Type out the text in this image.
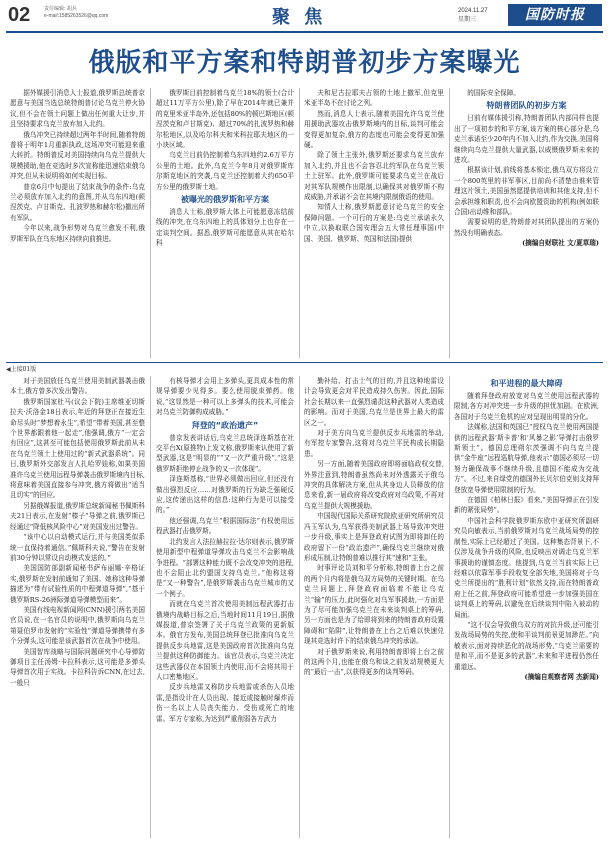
02	责任编辑: 胡兵
e-mail:1585263526@qq.com	聚 焦	2024.11.27
星期三	国防时报
俄版和平方案和特朗普初步方案曝光

据外媒援引消息人士报道,俄罗斯总统普京愿意与美国当选总统特朗普讨论乌克兰停火协议,但不会在领土问题上做出任何重大让步,并且坚持要求乌克兰放弃加入北约。

俄乌冲突已持续超过两年半时间,随着特朗普将于明年1月重新执政,这场冲突可能迎来重大转折。特朗普反对美国持续向乌克兰提供大规模援助,他在竞选时多次宣称能迅速结束俄乌冲突,但从未说明将如何实现目标。

普京6月中旬提出了结束战争的条件:乌克兰必须放弃加入北约的意图,并从乌东四地(顿涅茨克、卢甘斯克、扎波罗热和赫尔松)撤出所有军队。

今年以来,战争形势对乌克兰愈发不利,俄罗斯军队在乌东地区持续向前推进。

俄罗斯目前控制着乌克兰18%的领土(合计超过11万平方公里),除了早在2014年就已兼并的克里米亚半岛外,还包括80%的顿巴斯地区(顿涅茨克和卢甘斯克)、超过70%的扎波罗热和赫尔松地区,以及哈尔科夫和米科拉耶夫地区的一小块区域。

乌克兰目前仍控制着乌东四地约2.6万平方公里的土地。此外,乌克兰今年8月对俄罗斯库尔斯克地区的突袭,乌克兰还控制着大约650平方公里的俄罗斯土地。

被曝光的俄罗斯和平方案

消息人士称,俄罗斯大体上可能愿意冻结前线的冲突,在乌东四地上的具体划分上也存在一定谈判空间。据悉,俄罗斯可能愿意从其在哈尔科

夫和尼古拉耶夫占领的土地上撤军,但克里米亚半岛不在讨论之列。

然而,消息人士表示,随着美国允许乌克兰使用援助武器攻击俄罗斯境内的目标,谈判可能会变得更加复杂,俄方的态度也可能会变得更加强硬。

除了领土主张外,俄罗斯还要求乌克兰放弃加入北约,并且也不会容忍北约军队在乌克兰领土上驻军。此外,俄罗斯可能要求乌克兰在战后对其军队规模作出限制,以确保其对俄罗斯不构成威胁,并承诺不会在其境内限制俄语的使用。

知情人士称,俄罗斯愿意讨论乌克兰的安全保障问题。一个可行的方案是:乌克兰承诺永久中立,以换取联合国安理会五大常任理事国(中国、美国、俄罗斯、英国和法国)提供

的国际安全保障。

特朗普团队的初步方案

日前有媒体援引称,特朗普团队内部同样也提出了一项初步的和平方案,该方案的核心部分是,乌克兰承诺至少20年内不加入北约,作为交换,美国将继续向乌克兰提供大量武器,以威慑俄罗斯未来的进攻。

根据该计划,前线将基本锁定,俄乌双方将设立一个800英里的非军事区,目前尚不清楚由谁来管理这片领土,美国虽然愿提供培训和其他支持,但不会承担维和职责,也不会向欧盟资助的机构(例如联合国)出动维和部队。

需要说明的是,特朗普对其团队提出的方案仍然没有明确表态。

(摘编自财联社 文/夏草瑞)
◀上接01版

对于美国放任乌克兰使用美制武器袭击俄本土,俄方曾多次发出警告。

俄罗斯国家杜马(议会下院)主席维亚切斯拉夫·沃洛金18日表示,年近的拜登正在接近生命尽头时“梦想着永生”,希望“带着美国,甚至整个世界都跟着他一起走”,他强调,俄方“一定会有回应”,这甚至可能包括使用俄罗斯此前从未在乌克兰领土上使用过的“新式武器系统”。同日,俄罗斯外交部发言人扎哈罗娃称,如果美国准许乌克兰使用远程导弹袭击俄罗斯境内目标,将意味着美国直接参与冲突,俄方将做出“适当且切实”的回应。

另据俄媒报道,俄罗斯总统新闻秘书佩斯科夫21日表示,在发射“榛子”导弹之前,俄罗斯已经通过“降低核风险中心”对美国发出过警告。

“该中心以自动模式运行,并与美国类似系统一直保持着通信。”佩斯科夫说,“警告在发射前30分钟以常设自动模式发送的。”

美国国防部副新闻秘书萨布丽娜·辛格证实,俄罗斯在发射前通知了美国。她称这种导弹描述为“带有试验性质的中程弹道导弹”,“基于俄罗斯RS-26洲际弹道导弹模型而来”。

美国有线电视新闻网(CNN)援引两名美国官员说,在一名官员的说明中,俄罗斯向乌克兰第聂伯罗市发射的“实验性”弹道导弹携带有多个分弹头,这可能是该武器首次在战争中使用。

美国智库战略与国际问题研究中心导弹防御项目主任汤姆·卡拉科表示,这可能是多弹头导弹首次用于实战。卡拉科告诉CNN,在过去,一般只

有核导弹才会用上多弹头,更具成本性的常规导弹要少见得多。要么使用脱束弹药。他说,“这显然是一种可以上多弹头的技术,可能会对乌克兰防御构成威胁。”

拜登的“政治遗产”

普京发表讲话后,乌克兰总统泽连斯基在社交平台X(原推特)上发文称,俄罗斯来认使用了新型武器,这是“明显的”“又一次严重升级”,“这是俄罗斯拒绝停止战争的又一次体现”。

泽连斯基称,“世界必须做出回应,但还没有做出强烈反应……对俄罗斯的行为缺乏强硬反应,这传递出这样的信息:这种行为是可以接受的。”

他还强调,乌克兰“根据国际法”有权使用远程武器打击俄罗斯。

北约发言人法拉赫拉拉·达尔则表示,俄罗斯使用新型中程弹道导弹攻击乌克兰不会影响战争进程。“部署这种能力既不会改变冲突的进程,也不会阻止北约盟国支持乌克兰。”他称这将是“又一种警告”,是俄罗斯袭击乌克兰城市的又一个例子。

而就在乌克兰首次使用美制远程武器打击俄境内战略目标之后,当地时间11月19日,据俄媒报道,普京签署了关于乌克兰政策的更新版本。俄官方发布,美国总统拜登已批准向乌克兰提供反步兵地雷,这是美国政府首次批准向乌克兰提供这种防御能力。该官员表示,乌克兰决定这些武器仅在本国领土内使用,而不会将其用于人口密集地区。

反步兵地雷又称防步兵地雷或杀伤人员地雷,是指设计在人员出现、接近或接触时爆炸而伤一名以上人员丧失能力、受伤或死亡的地雷。军方专家称,为达到严重削弱各方武力

勤补给、打击士气的目的,并且这种地雷设计会导致更会对平民造成持久伤害。因此,国际社会长期以来一直强烈谴责这种武器对人类造成的影响。而对于美国,乌克兰是世界上最大的雷区之一。

对于美方向乌克兰提供反步兵地雷的举动,有军控专家警告,这将对乌克兰平民构成长期隐患。

另一方面,随着美国政府即将面临政权交替,外界注意到,特朗普虽然尚未对外透露关于俄乌冲突的具体解决方案,但从其身边人员释放的信息来看,新一届政府将改变政府对乌政策,不再对乌克兰提供大规模援助。

中国现代国际关系研究院欧亚研究所研究员冯玉军认为,乌军获得美制武器上场导致冲突进一步升级,事实上是拜登政府试图为即将卸任的政府留下一份“政治遗产”,确保乌克兰继续对俄形成压制,让特朗普难以推行其“速和”主张。

时事评论员刘和平分析称,特朗普上台之前的两个月内将是俄乌双方局势的关键时期。在乌克兰问题上,拜登政府面临着不能让乌克兰“输”的压力,此时强化对乌军事援助,一方面是为了尽可能加强乌克兰在未来谈判桌上的筹码,另一方面也是为了给即将到来的特朗普政府设置障碍和“陷阱”,让特朗普在上台之后难以快速兑现其竞选时许下的结束俄乌冲突的承诺。

对于俄罗斯来说,利用特朗普即将上台之前的这两个月,也能在俄乌和谈之前发动规模更大的“最后一击”,以获得更多的谈判筹码。

和平进程的最大障碍

随着拜登政府放宽对乌克兰使用远程武器的限制,各方对冲突进一步升级的担忧加剧。在欧洲,各国对于乌克兰危机的应对呈现出明显的分化。

法媒称,法国和英国已“授权乌克兰使用两国提供的远程武器‘斯卡普’和‘风暴之影’导弹打击俄罗斯领土”。德国总理朔尔茨强调不向乌克兰提供“金牛座”远程巡航导弹,他表示“德国必须尽一切努力确保战事不继续升级,且德国不能成为交战方”。不过,来自绿党的德国外长贝尔伯克则支持拜登放宽导弹使用限制的行为。

在德国《柏林日报》看来,“美国导弹正在引发新的紧张局势”。

中国社会科学院俄罗斯东欧中亚研究所副研究员向敏表示,当前俄罗斯对乌克兰战场局势的控制性,实际上已经超过了美国。这种集态背景下,不仅涉及战争升级的风险,也反映出对调走乌克兰军事援助的谨慎态度。他提到,乌克兰当前实际上已经难以依靠军事手段收复全部失地,美国将对于乌克兰所提出的“胜利计划”依然支持,而在特朗普政府上任之前,拜登政府可能希望进一步加强美国在谈判桌上的筹码,以避免在后续谈判中陷入被动的局面。

“这不仅会导致俄乌双方的对抗升级,还可能引发战场局势的失控,使和平谈判前景更加渺茫。”向敏表示,面对持续恶化的战场形势,“乌克兰需要的是和平,而不是更多的武器”,未来和平进程仍然任重道远。

(摘编自观察者网 杰新闻)
